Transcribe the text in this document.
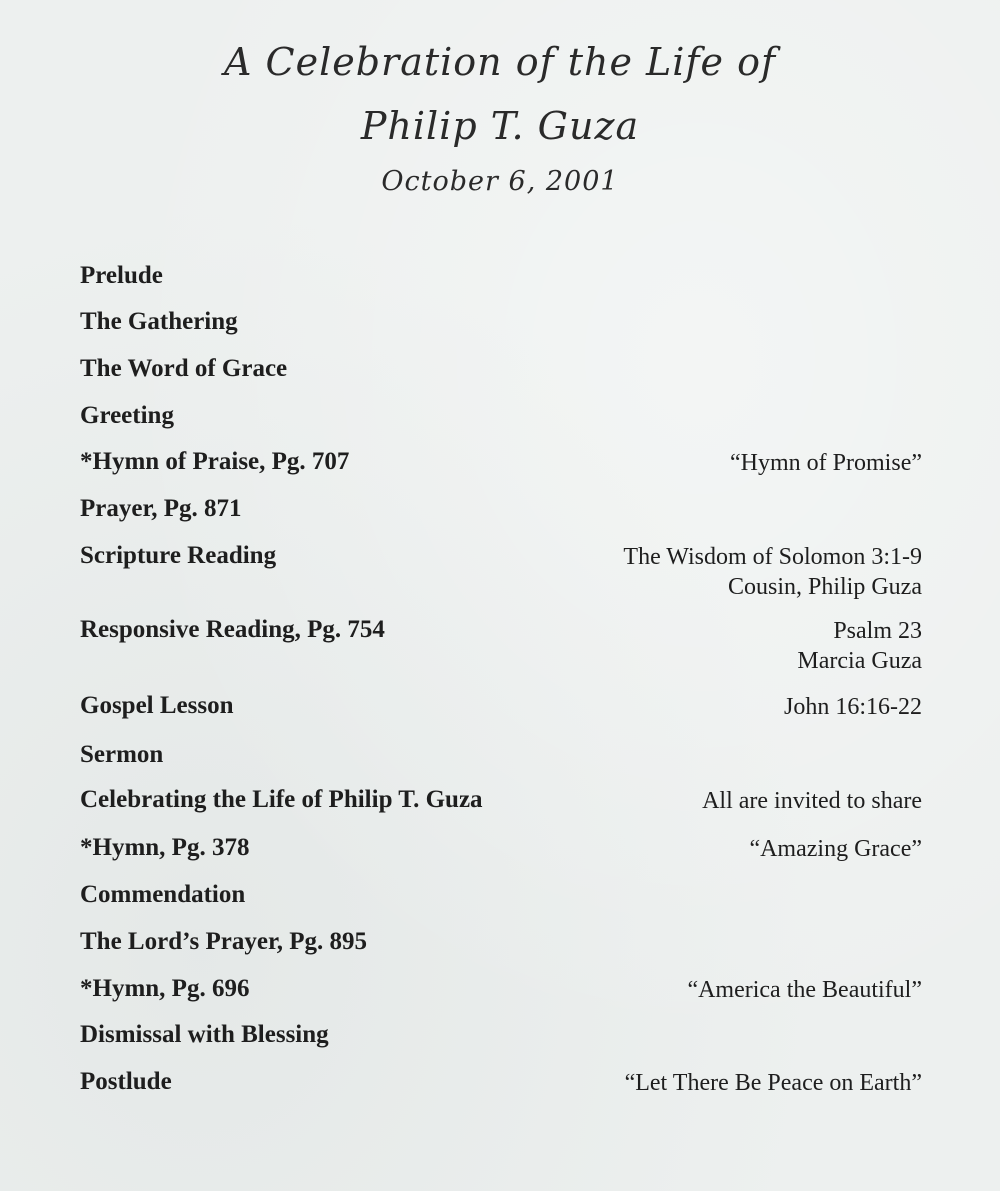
A Celebration of the Life of
Philip T. Guza
October 6, 2001
Prelude
The Gathering
The Word of Grace
Greeting
*Hymn of Praise, Pg. 707	“Hymn of Promise”
Prayer, Pg. 871
Scripture Reading	The Wisdom of Solomon 3:1-9
Cousin, Philip Guza
Responsive Reading, Pg. 754	Psalm 23
Marcia Guza
Gospel Lesson	John 16:16-22
Sermon
Celebrating the Life of Philip T. Guza	All are invited to share
*Hymn, Pg. 378	“Amazing Grace”
Commendation
The Lord’s Prayer, Pg. 895
*Hymn, Pg. 696	“America the Beautiful”
Dismissal with Blessing
Postlude	“Let There Be Peace on Earth”
